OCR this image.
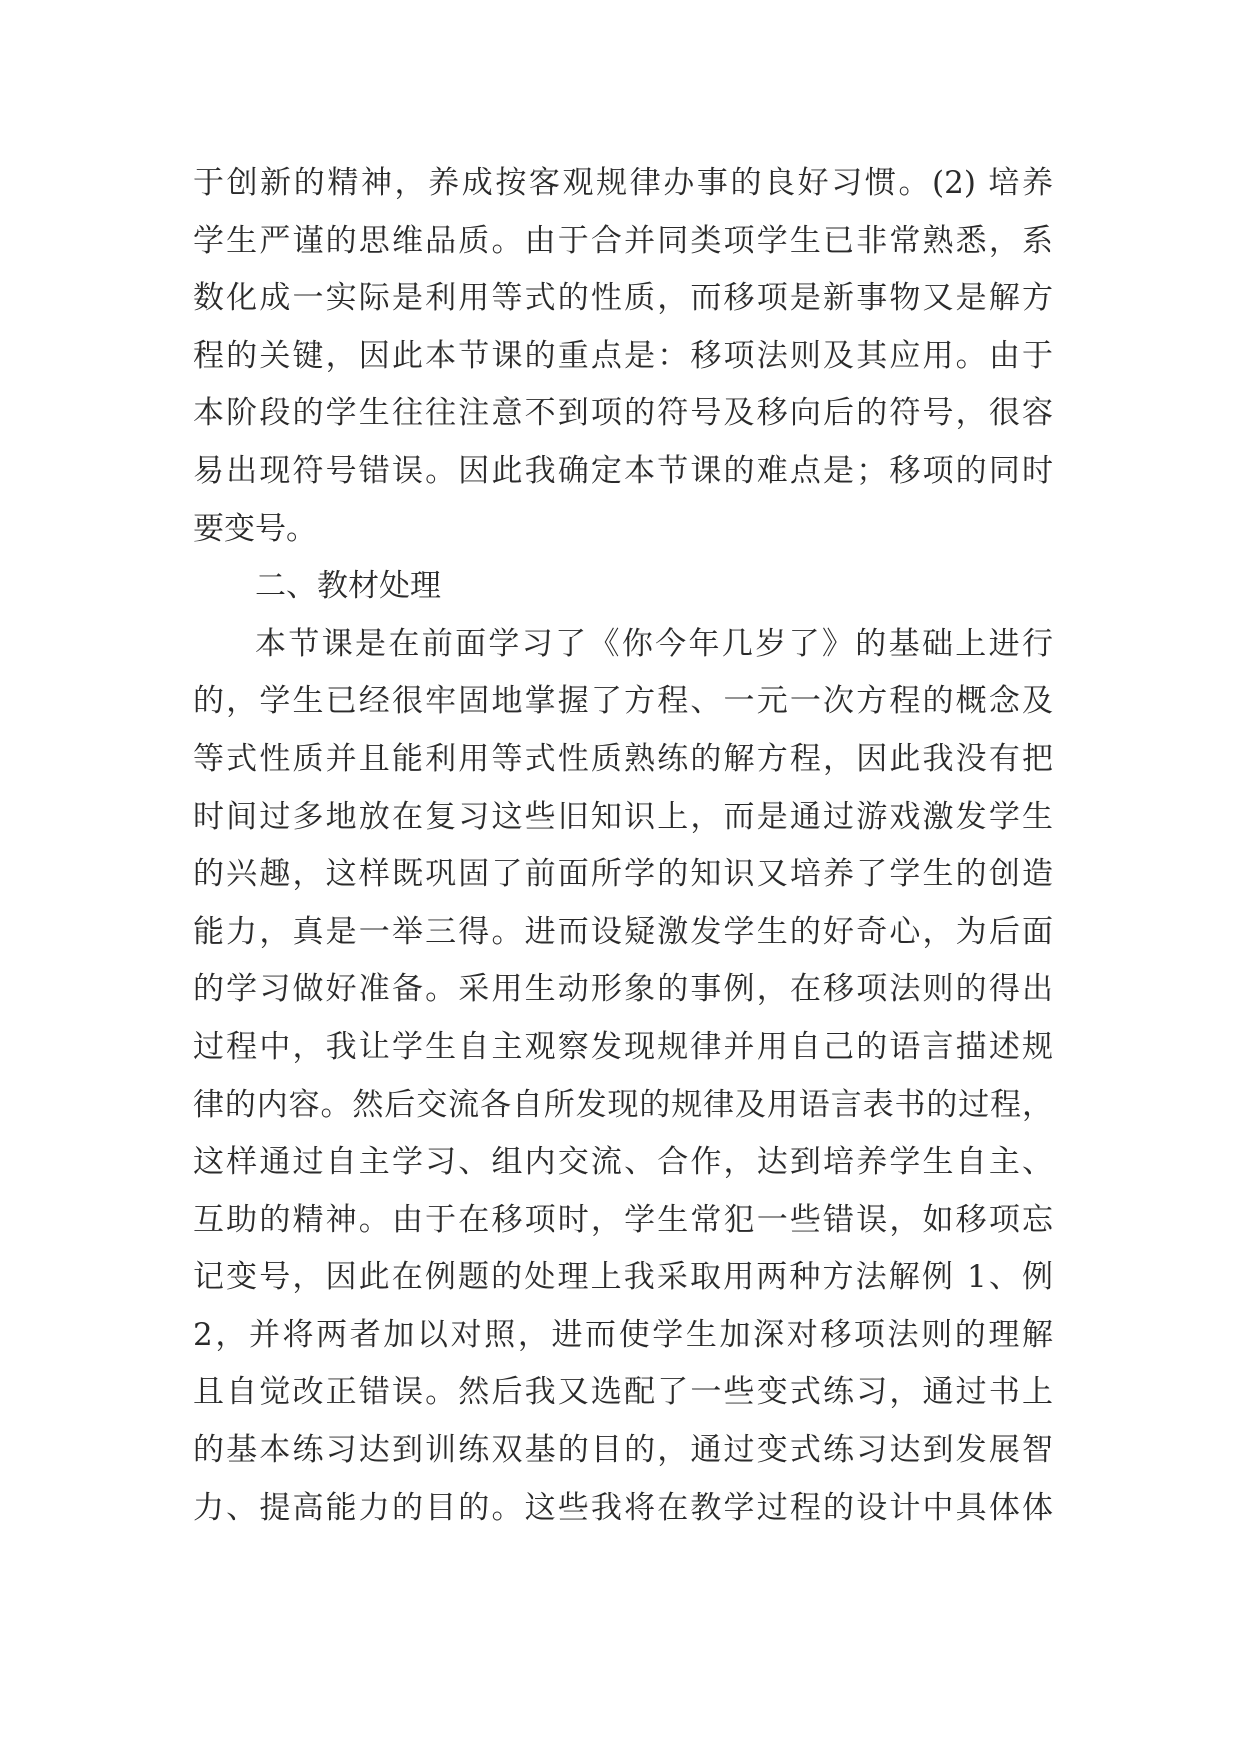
于创新的精神，养成按客观规律办事的良好习惯。(2) 培养
学生严谨的思维品质。由于合并同类项学生已非常熟悉，系
数化成一实际是利用等式的性质，而移项是新事物又是解方
程的关键，因此本节课的重点是：移项法则及其应用。由于
本阶段的学生往往注意不到项的符号及移向后的符号，很容
易出现符号错误。因此我确定本节课的难点是；移项的同时
要变号。
二、教材处理
本节课是在前面学习了《你今年几岁了》的基础上进行
的，学生已经很牢固地掌握了方程、一元一次方程的概念及
等式性质并且能利用等式性质熟练的解方程，因此我没有把
时间过多地放在复习这些旧知识上，而是通过游戏激发学生
的兴趣，这样既巩固了前面所学的知识又培养了学生的创造
能力，真是一举三得。进而设疑激发学生的好奇心，为后面
的学习做好准备。采用生动形象的事例，在移项法则的得出
过程中，我让学生自主观察发现规律并用自己的语言描述规
律的内容。然后交流各自所发现的规律及用语言表书的过程，
这样通过自主学习、组内交流、合作，达到培养学生自主、
互助的精神。由于在移项时，学生常犯一些错误，如移项忘
记变号，因此在例题的处理上我采取用两种方法解例 1、例
2，并将两者加以对照，进而使学生加深对移项法则的理解
且自觉改正错误。然后我又选配了一些变式练习，通过书上
的基本练习达到训练双基的目的，通过变式练习达到发展智
力、提高能力的目的。这些我将在教学过程的设计中具体体
